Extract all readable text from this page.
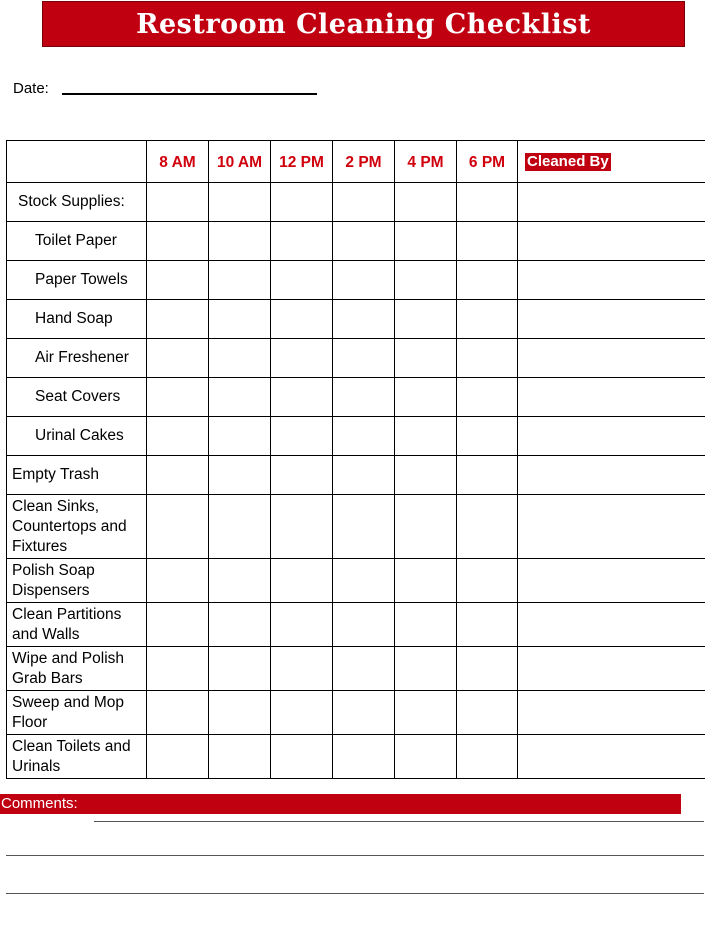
Restroom Cleaning Checklist
Date:
	8 AM	10 AM	12 PM	2 PM	4 PM	6 PM	Cleaned By
Stock Supplies:							
Toilet Paper							
Paper Towels							
Hand Soap							
Air Freshener							
Seat Covers							
Urinal Cakes							
Empty Trash							
Clean Sinks, Countertops and Fixtures							
Polish Soap Dispensers							
Clean Partitions and Walls							
Wipe and Polish Grab Bars							
Sweep and Mop Floor							
Clean Toilets and Urinals							
Comments:
